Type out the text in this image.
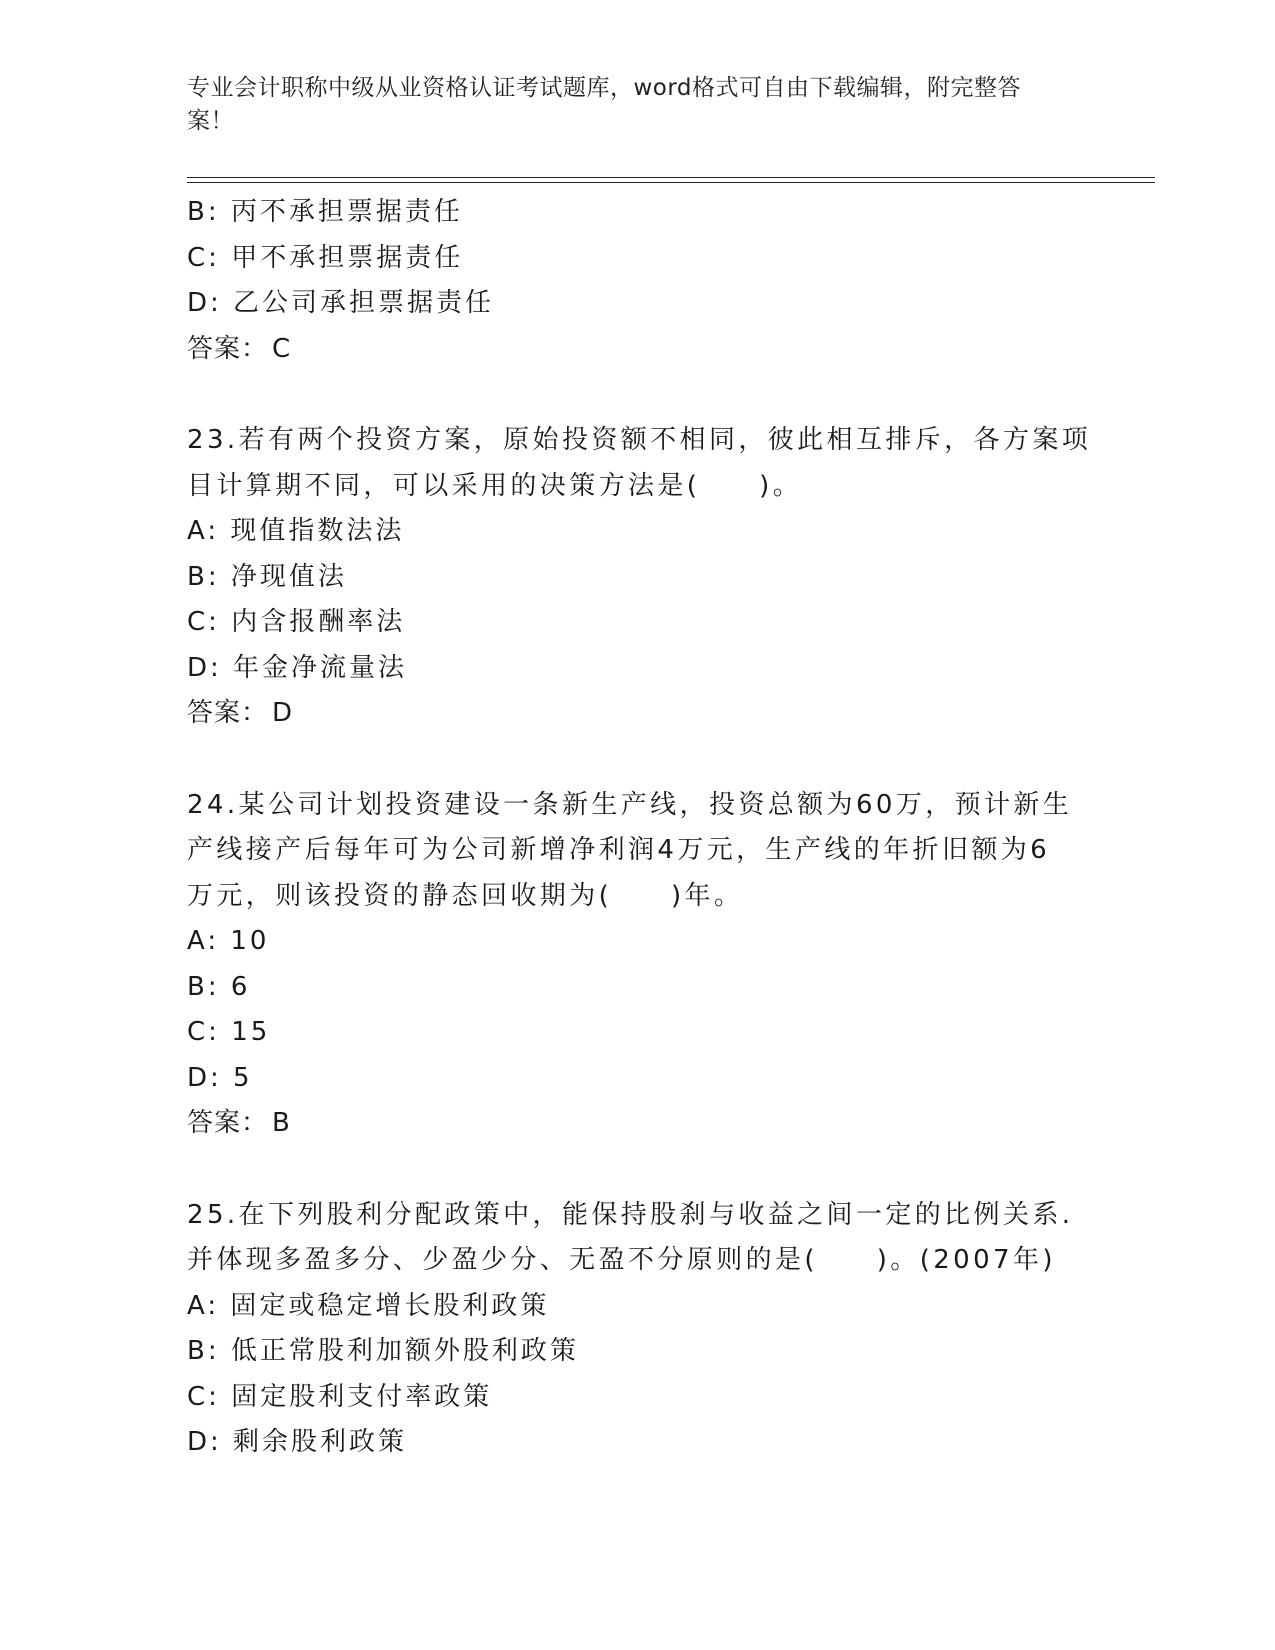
专业会计职称中级从业资格认证考试题库，word格式可自由下载编辑，附完整答案！
B: 丙不承担票据责任
C: 甲不承担票据责任
D: 乙公司承担票据责任
答案： C
23.若有两个投资方案，原始投资额不相同，彼此相互排斥，各方案项
目计算期不同，可以采用的决策方法是(　　)。
A: 现值指数法法
B: 净现值法
C: 内含报酬率法
D: 年金净流量法
答案： D
24.某公司计划投资建设一条新生产线，投资总额为60万，预计新生
产线接产后每年可为公司新增净利润4万元，生产线的年折旧额为6
万元，则该投资的静态回收期为(　　)年。
A: 10
B: 6
C: 15
D: 5
答案： B
25.在下列股利分配政策中，能保持股刹与收益之间一定的比例关系.
并体现多盈多分、少盈少分、无盈不分原则的是(　　)。(2007年)
A: 固定或稳定增长股利政策
B: 低正常股利加额外股利政策
C: 固定股利支付率政策
D: 剩余股利政策
